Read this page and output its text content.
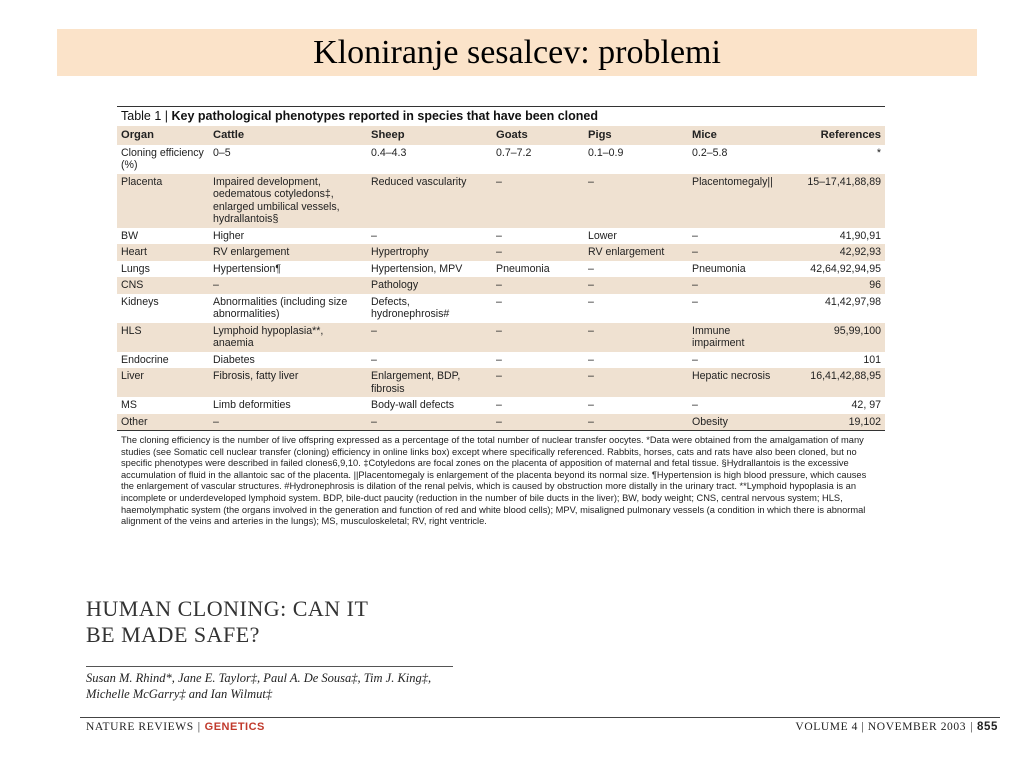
Kloniranje sesalcev: problemi
Table 1 | Key pathological phenotypes reported in species that have been cloned
Organ	Cattle	Sheep	Goats	Pigs	Mice	References
Cloning efficiency (%)	0–5	0.4–4.3	0.7–7.2	0.1–0.9	0.2–5.8	*
Placenta	Impaired development, oedematous cotyledons‡, enlarged umbilical vessels, hydrallantois§	Reduced vascularity	–	–	Placentomegaly||	15–17,41,88,89
BW	Higher	–	–	Lower	–	41,90,91
Heart	RV enlargement	Hypertrophy	–	RV enlargement	–	42,92,93
Lungs	Hypertension¶	Hypertension, MPV	Pneumonia	–	Pneumonia	42,64,92,94,95
CNS	–	Pathology	–	–	–	96
Kidneys	Abnormalities (including size abnormalities)	Defects, hydronephrosis#	–	–	–	41,42,97,98
HLS	Lymphoid hypoplasia**, anaemia	–	–	–	Immune impairment	95,99,100
Endocrine	Diabetes	–	–	–	–	101
Liver	Fibrosis, fatty liver	Enlargement, BDP, fibrosis	–	–	Hepatic necrosis	16,41,42,88,95
MS	Limb deformities	Body-wall defects	–	–	–	42, 97
Other	–	–	–	–	Obesity	19,102
The cloning efficiency is the number of live offspring expressed as a percentage of the total number of nuclear transfer oocytes. *Data were obtained from the amalgamation of many studies (see Somatic cell nuclear transfer (cloning) efficiency in online links box) except where specifically referenced. Rabbits, horses, cats and rats have also been cloned, but no specific phenotypes were described in failed clones6,9,10. ‡Cotyledons are focal zones on the placenta of apposition of maternal and fetal tissue. §Hydrallantois is the excessive accumulation of fluid in the allantoic sac of the placenta. ||Placentomegaly is enlargement of the placenta beyond its normal size. ¶Hypertension is high blood pressure, which causes the enlargement of vascular structures. #Hydronephrosis is dilation of the renal pelvis, which is caused by obstruction more distally in the urinary tract. **Lymphoid hypoplasia is an incomplete or underdeveloped lymphoid system. BDP, bile-duct paucity (reduction in the number of bile ducts in the liver); BW, body weight; CNS, central nervous system; HLS, haemolymphatic system (the organs involved in the generation and function of red and white blood cells); MPV, misaligned pulmonary vessels (a condition in which there is abnormal alignment of the veins and arteries in the lungs); MS, musculoskeletal; RV, right ventricle.
HUMAN CLONING: CAN IT
BE MADE SAFE?
Susan M. Rhind*, Jane E. Taylor‡, Paul A. De Sousa‡, Tim J. King‡,
Michelle McGarry‡ and Ian Wilmut‡
NATURE REVIEWS | GENETICS	VOLUME 4 | NOVEMBER 2003 | 855
